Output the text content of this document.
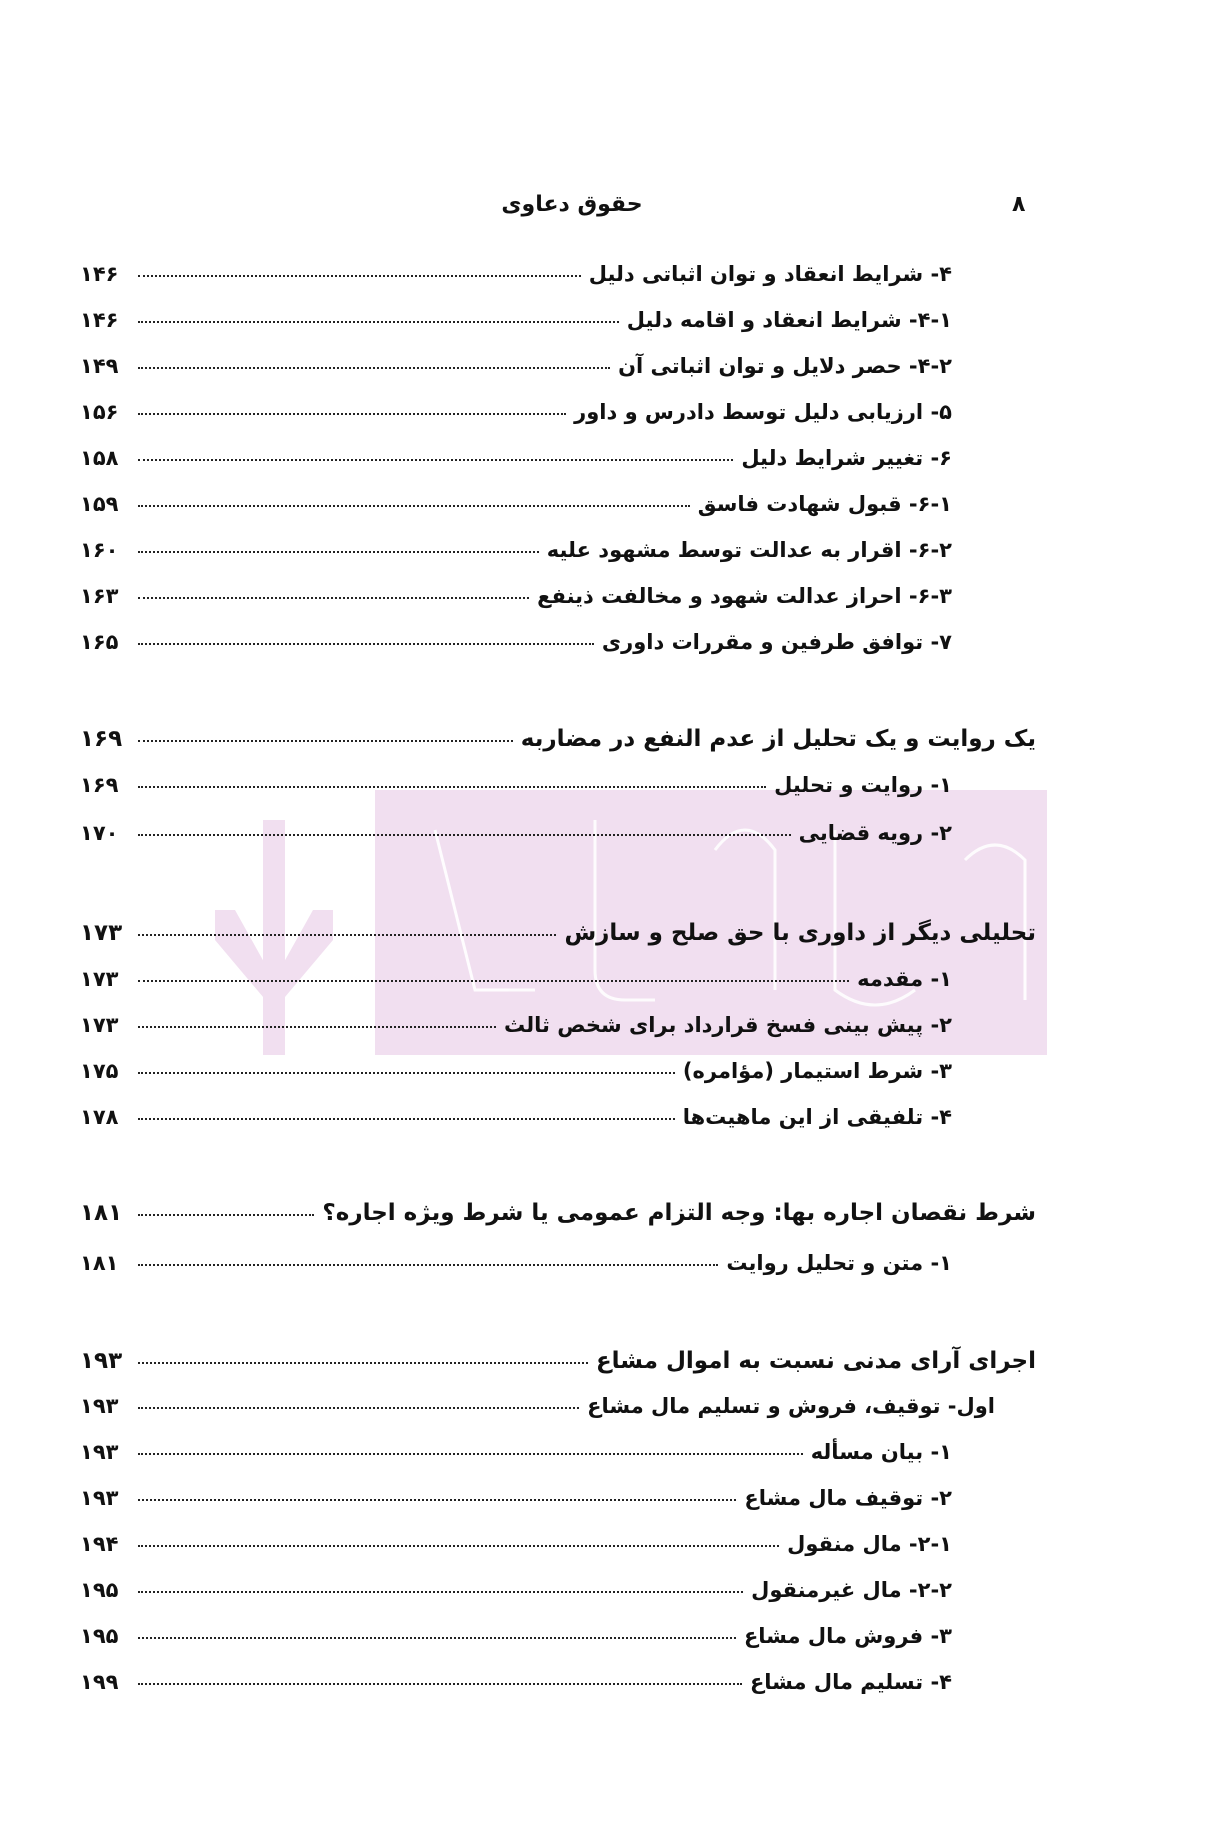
حقوق دعاوی	۸
۴- شرایط انعقاد و توان اثباتی دلیل
۱۴۶
۴-۱- شرایط انعقاد و اقامه دلیل
۱۴۶
۴-۲- حصر دلایل و توان اثباتی آن
۱۴۹
۵- ارزیابی دلیل توسط دادرس و داور
۱۵۶
۶- تغییر شرایط دلیل
۱۵۸
۶-۱- قبول شهادت فاسق
۱۵۹
۶-۲- اقرار به عدالت توسط مشهود علیه
۱۶۰
۶-۳- احراز عدالت شهود و مخالفت ذینفع
۱۶۳
۷- توافق طرفین و مقررات داوری
۱۶۵
یک روایت و یک تحلیل از عدم النفع در مضاربه
۱۶۹
۱- روایت و تحلیل
۱۶۹
۲- رویه قضایی
۱۷۰
تحلیلی دیگر از داوری با حق صلح و سازش
۱۷۳
۱- مقدمه
۱۷۳
۲- پیش بینی فسخ قرارداد برای شخص ثالث
۱۷۳
۳- شرط استیمار (مؤامره)
۱۷۵
۴- تلفیقی از این ماهیت‌ها
۱۷۸
شرط نقصان اجاره بها: وجه التزام عمومی یا شرط ویژه اجاره؟
۱۸۱
۱- متن و تحلیل روایت
۱۸۱
اجرای آرای مدنی نسبت به اموال مشاع
۱۹۳
اول- توقیف، فروش و تسلیم مال مشاع
۱۹۳
۱- بیان مسأله
۱۹۳
۲- توقیف مال مشاع
۱۹۳
۲-۱- مال منقول
۱۹۴
۲-۲- مال غیرمنقول
۱۹۵
۳- فروش مال مشاع
۱۹۵
۴- تسلیم مال مشاع
۱۹۹
